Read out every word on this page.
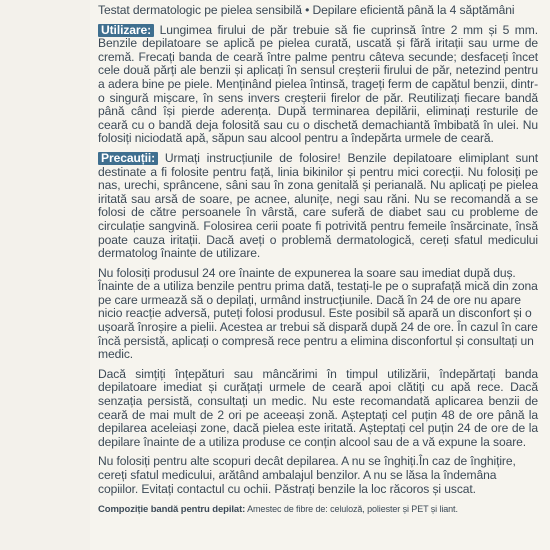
Testat dermatologic pe pielea sensibilă • Depilare eficientă până la 4 săptămâni

Utilizare: Lungimea firului de păr trebuie să fie cuprinsă între 2 mm și 5 mm. Benzile depilatoare se aplică pe pielea curată, uscată și fără iritații sau urme de cremă. Frecați banda de ceară între palme pentru câteva secunde; desfaceți încet cele două părți ale benzii și aplicați în sensul creșterii firului de păr, netezind pentru a adera bine pe piele. Menținând pielea întinsă, trageți ferm de capătul benzii, dintr-o singură mișcare, în sens invers creșterii firelor de păr. Reutilizați fiecare bandă până când își pierde aderența. După terminarea depilării, eliminați resturile de ceară cu o bandă deja folosită sau cu o dischetă demachiantă îmbibată în ulei. Nu folosiți niciodată apă, săpun sau alcool pentru a îndepărta urmele de ceară.

Precauții: Urmați instrucțiunile de folosire! Benzile depilatoare elimiplant sunt destinate a fi folosite pentru față, linia bikinilor și pentru mici corecții. Nu folosiți pe nas, urechi, sprâncene, sâni sau în zona genitală și perianală. Nu aplicați pe pielea iritată sau arsă de soare, pe acnee, alunițe, negi sau răni. Nu se recomandă a se folosi de către persoanele în vârstă, care suferă de diabet sau cu probleme de circulație sangvină. Folosirea cerii poate fi potrivită pentru femeile însărcinate, însă poate cauza iritații. Dacă aveți o problemă dermatologică, cereți sfatul medicului dermatolog înainte de utilizare.

Nu folosiți produsul 24 ore înainte de expunerea la soare sau imediat după duș. Înainte de a utiliza benzile pentru prima dată, testați-le pe o suprafață mică din zona pe care urmează să o depilați, urmând instrucțiunile. Dacă în 24 de ore nu apare nicio reacție adversă, puteți folosi produsul. Este posibil să apară un disconfort și o ușoară înroșire a pielii. Acestea ar trebui să dispară după 24 de ore. În cazul în care încă persistă, aplicați o compresă rece pentru a elimina disconfortul și consultați un medic.

Dacă simțiți înțepături sau mâncărimi în timpul utilizării, îndepărtați banda depilatoare imediat și curățați urmele de ceară apoi clătiți cu apă rece. Dacă senzația persistă, consultați un medic. Nu este recomandată aplicarea benzii de ceară de mai mult de 2 ori pe aceeași zonă. Așteptați cel puțin 48 de ore până la depilarea aceleiași zone, dacă pielea este iritată. Așteptați cel puțin 24 de ore de la depilare înainte de a utiliza produse ce conțin alcool sau de a vă expune la soare.

Nu folosiți pentru alte scopuri decât depilarea. A nu se înghiți.În caz de înghițire, cereți sfatul medicului, arătând ambalajul benzilor. A nu se lăsa la îndemâna copiilor. Evitați contactul cu ochii. Păstrați benzile la loc răcoros și uscat.

Compoziție bandă pentru depilat: Amestec de fibre de: celuloză, poliester și PET și liant.
